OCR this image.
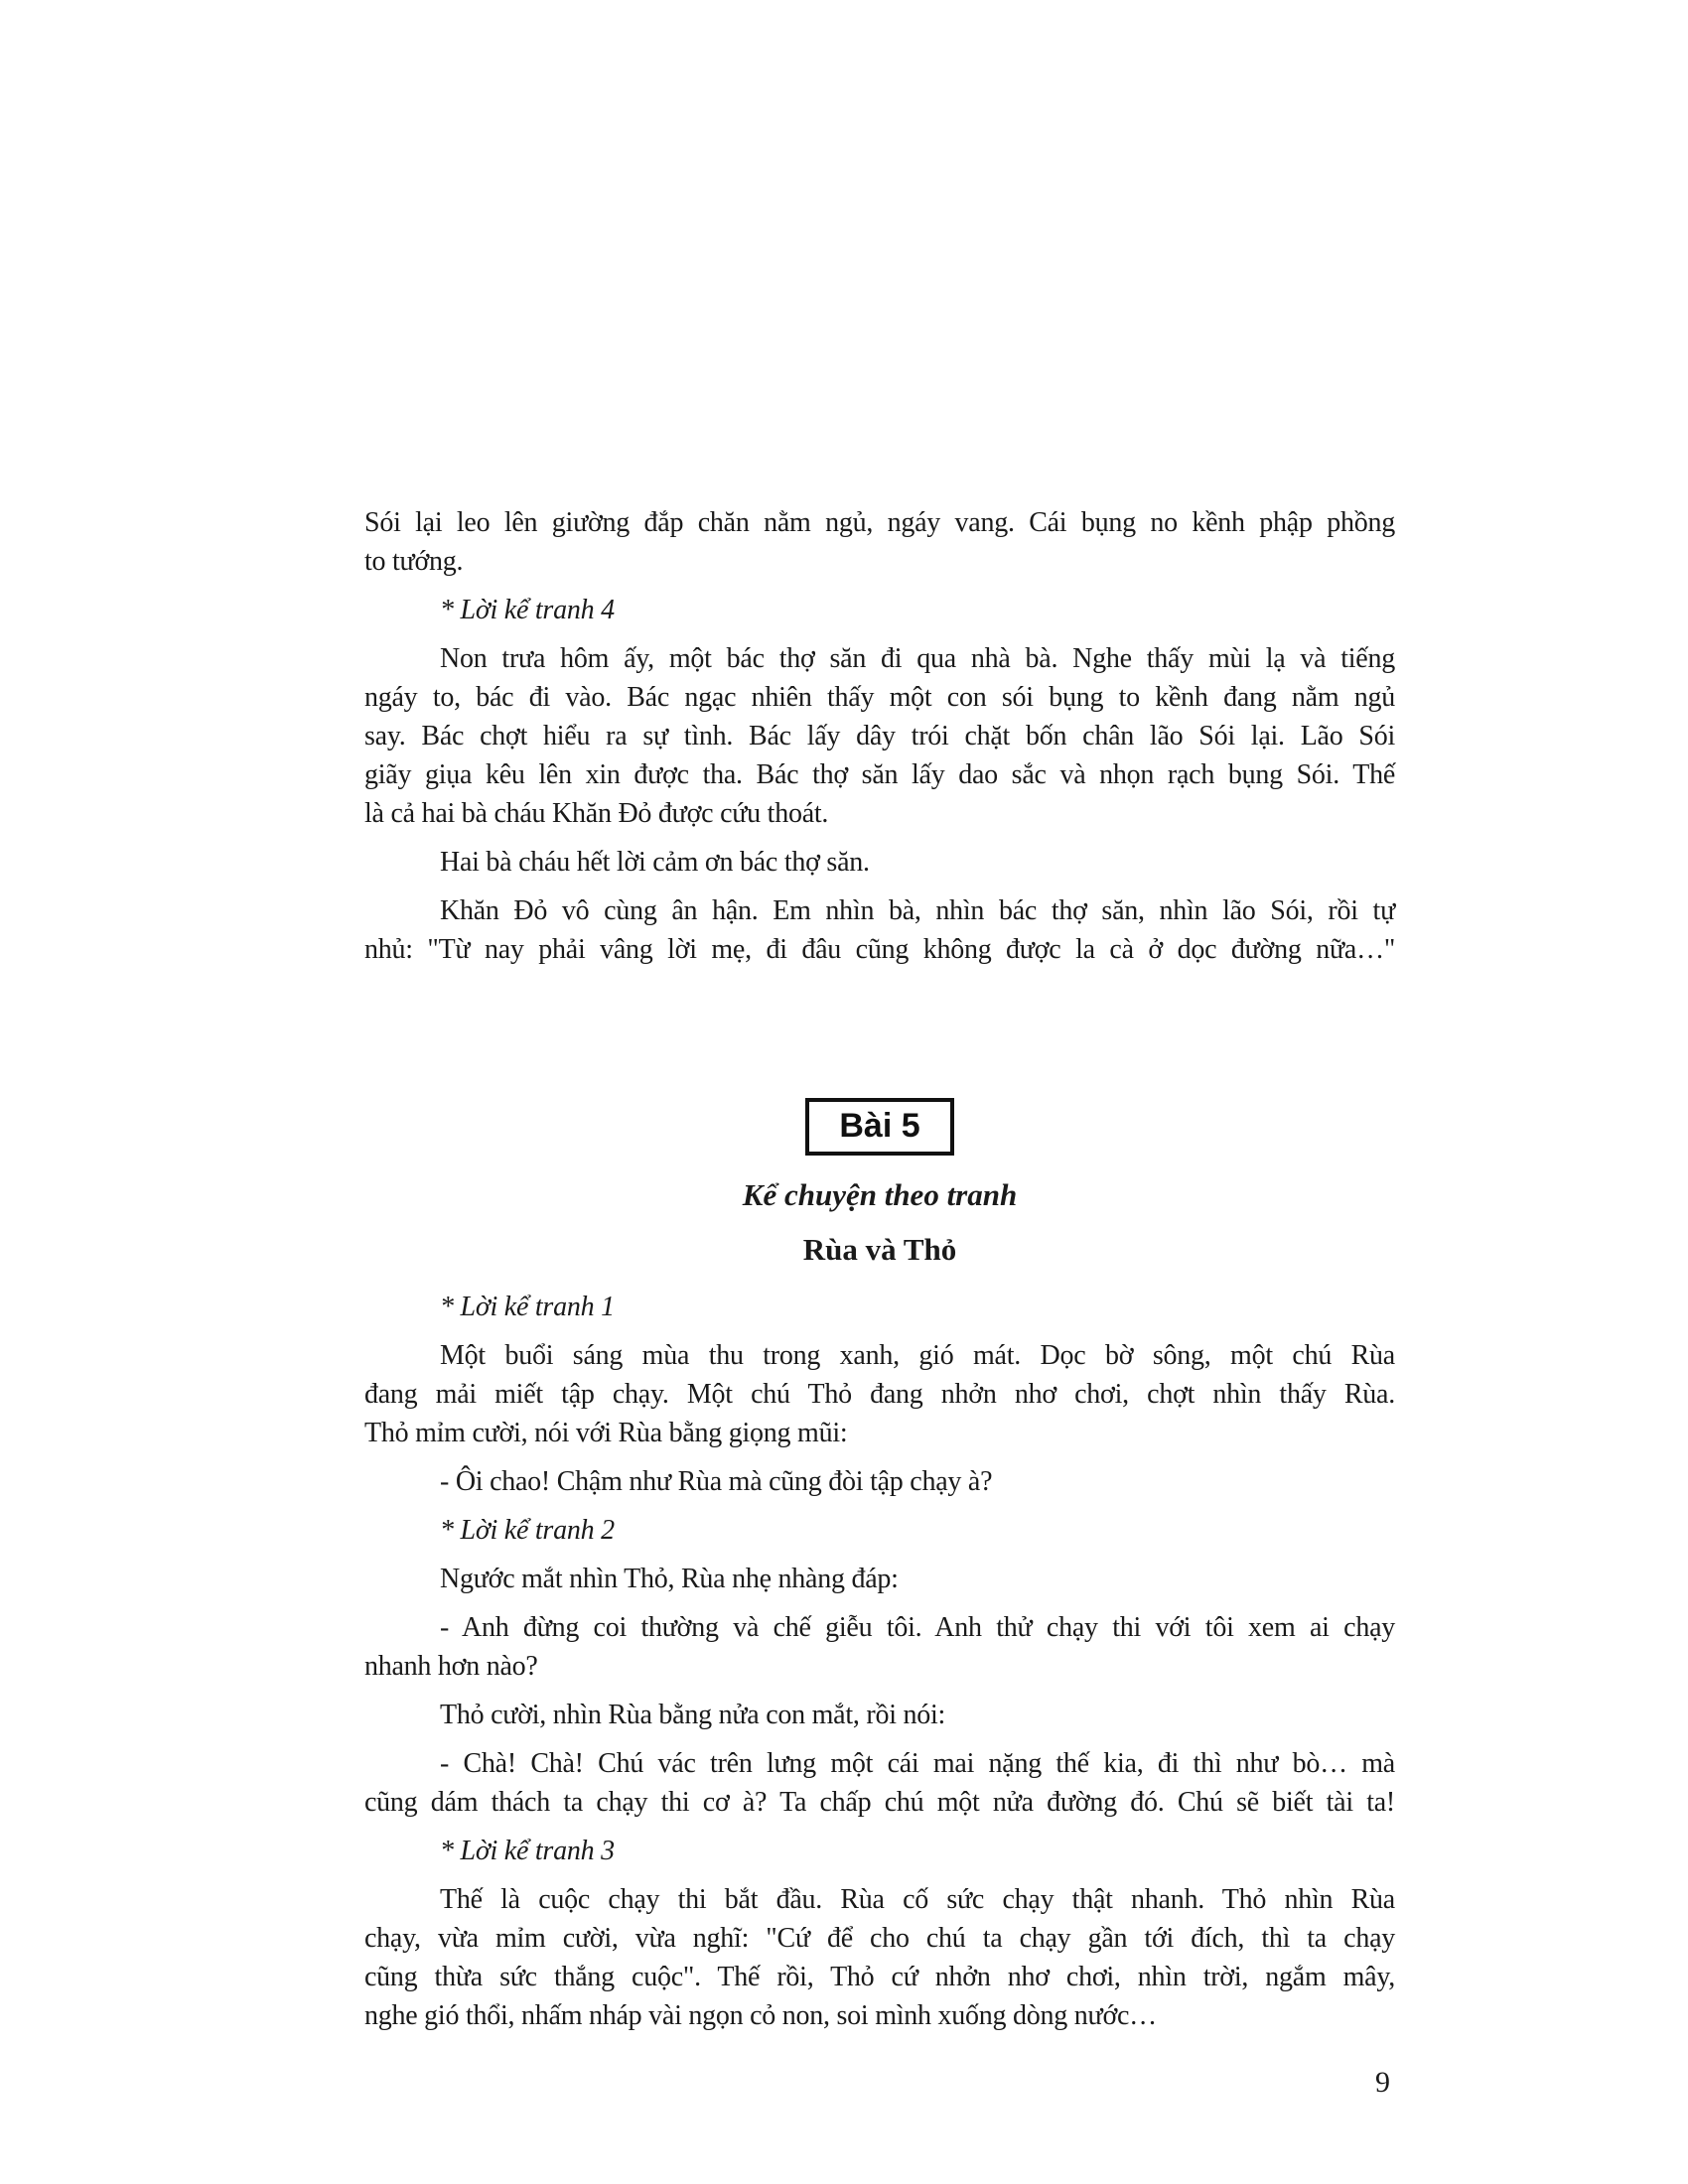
Sói lại leo lên giường đắp chăn nằm ngủ, ngáy vang. Cái bụng no kềnh phập phồng
to tướng.
* Lời kể tranh 4
Non trưa hôm ấy, một bác thợ săn đi qua nhà bà. Nghe thấy mùi lạ và tiếng
ngáy to, bác đi vào. Bác ngạc nhiên thấy một con sói bụng to kềnh đang nằm ngủ
say. Bác chợt hiểu ra sự tình. Bác lấy dây trói chặt bốn chân lão Sói lại. Lão Sói
giãy giụa kêu lên xin được tha. Bác thợ săn lấy dao sắc và nhọn rạch bụng Sói. Thế
là cả hai bà cháu Khăn Đỏ được cứu thoát.
Hai bà cháu hết lời cảm ơn bác thợ săn.
Khăn Đỏ vô cùng ân hận. Em nhìn bà, nhìn bác thợ săn, nhìn lão Sói, rồi tự
nhủ: "Từ nay phải vâng lời mẹ, đi đâu cũng không được la cà ở dọc đường nữa…"
Bài 5
Kể chuyện theo tranh
Rùa và Thỏ
* Lời kể tranh 1
Một buổi sáng mùa thu trong xanh, gió mát. Dọc bờ sông, một chú Rùa
đang mải miết tập chạy. Một chú Thỏ đang nhởn nhơ chơi, chợt nhìn thấy Rùa.
Thỏ mỉm cười, nói với Rùa bằng giọng mũi:
- Ôi chao! Chậm như Rùa mà cũng đòi tập chạy à?
* Lời kể tranh 2
Ngước mắt nhìn Thỏ, Rùa nhẹ nhàng đáp:
- Anh đừng coi thường và chế giễu tôi. Anh thử chạy thi với tôi xem ai chạy
nhanh hơn nào?
Thỏ cười, nhìn Rùa bằng nửa con mắt, rồi nói:
- Chà! Chà! Chú vác trên lưng một cái mai nặng thế kia, đi thì như bò… mà
cũng dám thách ta chạy thi cơ à? Ta chấp chú một nửa đường đó. Chú sẽ biết tài ta!
* Lời kể tranh 3
Thế là cuộc chạy thi bắt đầu. Rùa cố sức chạy thật nhanh. Thỏ nhìn Rùa
chạy, vừa mỉm cười, vừa nghĩ: "Cứ để cho chú ta chạy gần tới đích, thì ta chạy
cũng thừa sức thắng cuộc". Thế rồi, Thỏ cứ nhởn nhơ chơi, nhìn trời, ngắm mây,
nghe gió thổi, nhấm nháp vài ngọn cỏ non, soi mình xuống dòng nước…
9
